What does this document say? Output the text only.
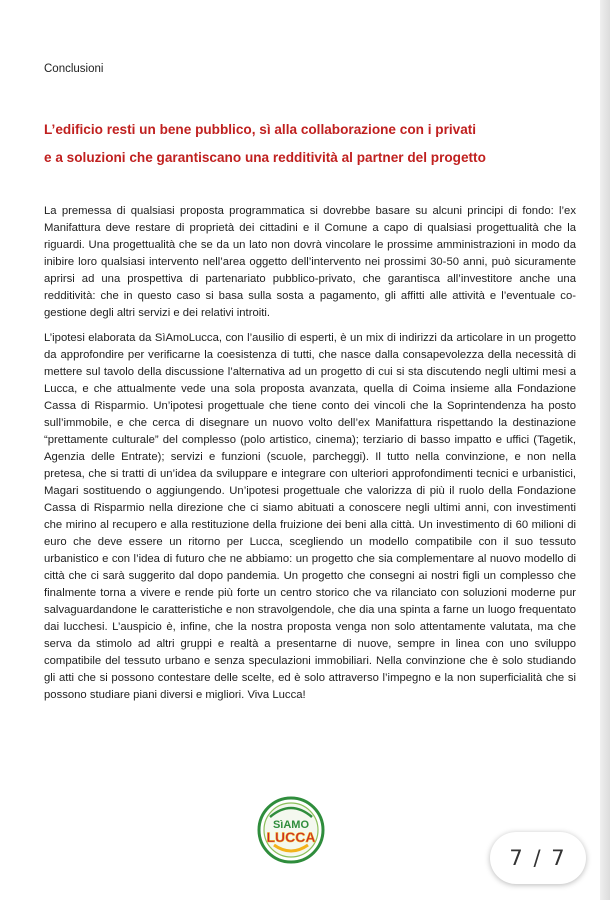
Conclusioni
L’edificio resti un bene pubblico, sì alla collaborazione con i privati
e a soluzioni che garantiscano una redditività al partner del progetto

La premessa di qualsiasi proposta programmatica si dovrebbe basare su alcuni principi di fondo: l’ex Manifattura deve restare di proprietà dei cittadini e il Comune a capo di qualsiasi progettualità che la riguardi. Una progettualità che se da un lato non dovrà vincolare le prossime amministrazioni in modo da inibire loro qualsiasi intervento nell’area oggetto dell’intervento nei prossimi 30-50 anni, può sicuramente aprirsi ad una prospettiva di partenariato pubblico-privato, che garantisca all’investitore anche una redditività: che in questo caso si basa sulla sosta a pagamento, gli affitti alle attività e l’eventuale co-gestione degli altri servizi e dei relativi introiti.

L’ipotesi elaborata da SìAmoLucca, con l’ausilio di esperti, è un mix di indirizzi da articolare in un progetto da approfondire per verificarne la coesistenza di tutti, che nasce dalla consapevolezza della necessità di mettere sul tavolo della discussione l’alternativa ad un progetto di cui si sta discutendo negli ultimi mesi a Lucca, e che attualmente vede una sola proposta avanzata, quella di Coima insieme alla Fondazione Cassa di Risparmio. Un’ipotesi progettuale che tiene conto dei vincoli che la Soprintendenza ha posto sull’immobile, e che cerca di disegnare un nuovo volto dell’ex Manifattura rispettando la destinazione “prettamente culturale” del complesso (polo artistico, cinema); terziario di basso impatto e uffici (Tagetik, Agenzia delle Entrate); servizi e funzioni (scuole, parcheggi). Il tutto nella convinzione, e non nella pretesa, che si tratti di un’idea da sviluppare e integrare con ulteriori approfondimenti tecnici e urbanistici, Magari sostituendo o aggiungendo. Un’ipotesi progettuale che valorizza di più il ruolo della Fondazione Cassa di Risparmio nella direzione che ci siamo abituati a conoscere negli ultimi anni, con investimenti che mirino al recupero e alla restituzione della fruizione dei beni alla città. Un investimento di 60 milioni di euro che deve essere un ritorno per Lucca, scegliendo un modello compatibile con il suo tessuto urbanistico e con l’idea di futuro che ne abbiamo: un progetto che sia complementare al nuovo modello di città che ci sarà suggerito dal dopo pandemia. Un progetto che consegni ai nostri figli un complesso che finalmente torna a vivere e rende più forte un centro storico che va rilanciato con soluzioni moderne pur salvaguardandone le caratteristiche e non stravolgendole, che dia una spinta a farne un luogo frequentato dai lucchesi. L’auspicio è, infine, che la nostra proposta venga non solo attentamente valutata, ma che serva da stimolo ad altri gruppi e realtà a presentarne di nuove, sempre in linea con uno sviluppo compatibile del tessuto urbano e senza speculazioni immobiliari. Nella convinzione che è solo studiando gli atti che si possono contestare delle scelte, ed è solo attraverso l’impegno e la non superficialità che si possono studiare piani diversi e migliori. Viva Lucca!

SìAMO
LUCCA
7 / 7
